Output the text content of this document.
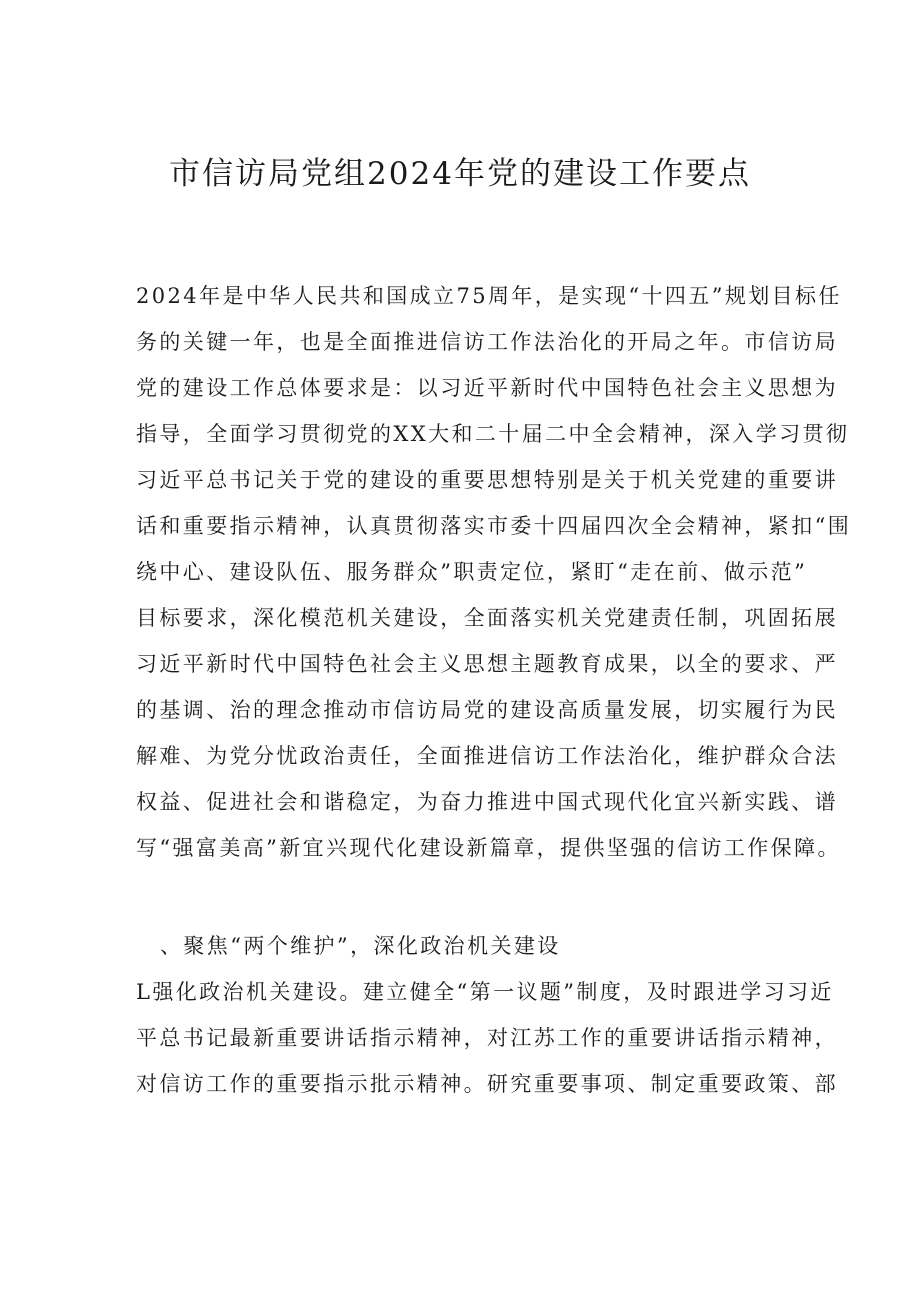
市信访局党组2024年党的建设工作要点

2024年是中华人民共和国成立75周年，是实现“十四五”规划目标任

务的关键一年，也是全面推进信访工作法治化的开局之年。市信访局

党的建设工作总体要求是：以习近平新时代中国特色社会主义思想为

指导，全面学习贯彻党的XX大和二十届二中全会精神，深入学习贯彻

习近平总书记关于党的建设的重要思想特别是关于机关党建的重要讲

话和重要指示精神，认真贯彻落实市委十四届四次全会精神，紧扣“围

绕中心、建设队伍、服务群众”职责定位，紧盯“走在前、做示范”

目标要求，深化模范机关建设，全面落实机关党建责任制，巩固拓展

习近平新时代中国特色社会主义思想主题教育成果，以全的要求、严

的基调、治的理念推动市信访局党的建设高质量发展，切实履行为民

解难、为党分忧政治责任，全面推进信访工作法治化，维护群众合法

权益、促进社会和谐稳定，为奋力推进中国式现代化宜兴新实践、谱

写“强富美高”新宜兴现代化建设新篇章，提供坚强的信访工作保障。

、聚焦“两个维护”，深化政治机关建设

L强化政治机关建设。建立健全“第一议题”制度，及时跟进学习习近

平总书记最新重要讲话指示精神，对江苏工作的重要讲话指示精神，

对信访工作的重要指示批示精神。研究重要事项、制定重要政策、部
